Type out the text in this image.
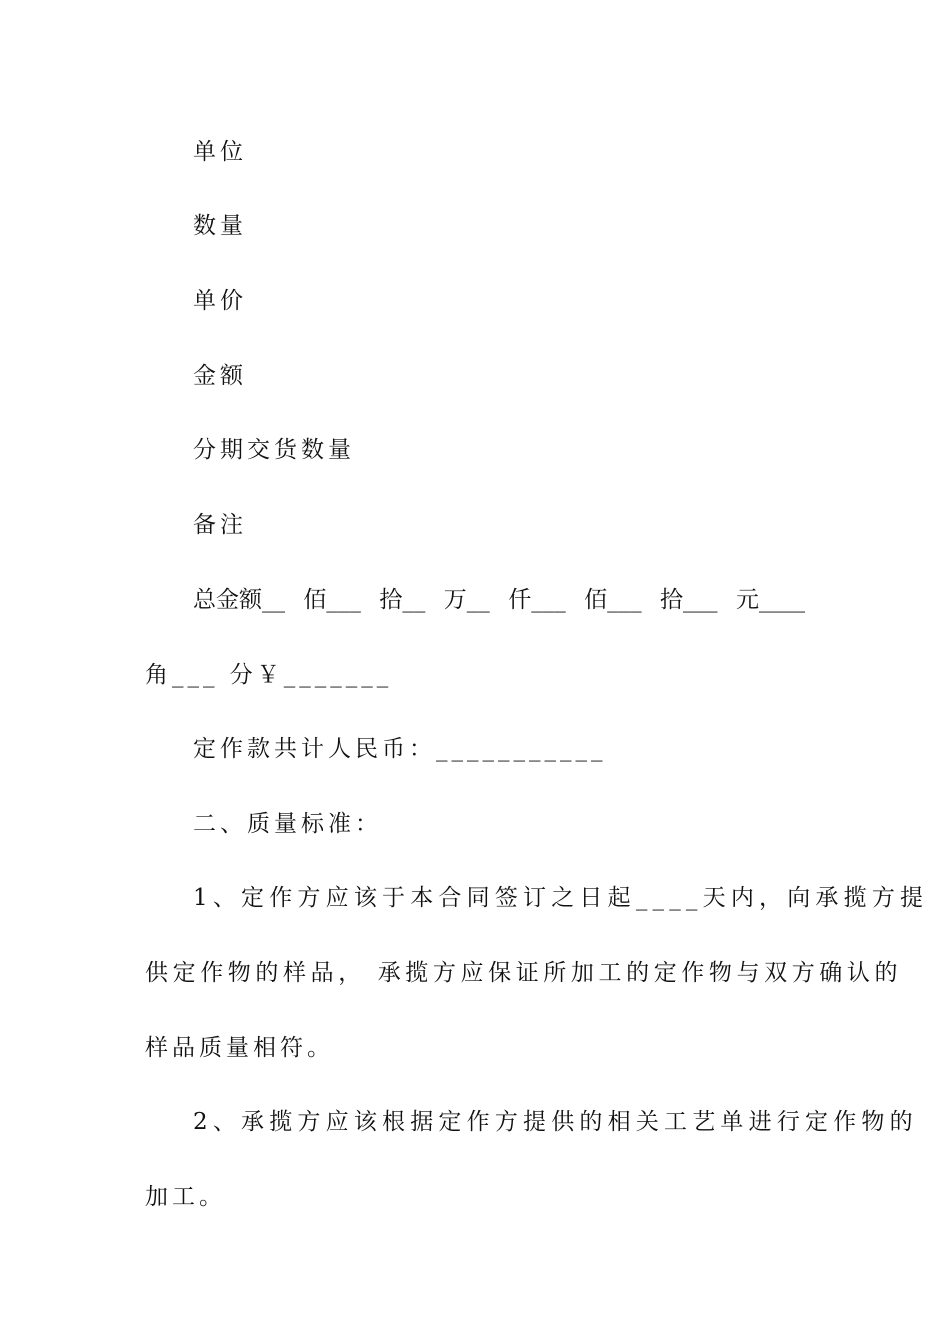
单位
数量
单价
金额
分期交货数量
备注
总金额__ 佰___ 拾__ 万__ 仟___ 佰___ 拾___ 元____
角___ 分￥_______
定作款共计人民币：___________
二、质量标准：
1、定作方应该于本合同签订之日起____天内，向承揽方提
供定作物的样品， 承揽方应保证所加工的定作物与双方确认的
样品质量相符。
2、承揽方应该根据定作方提供的相关工艺单进行定作物的
加工。
